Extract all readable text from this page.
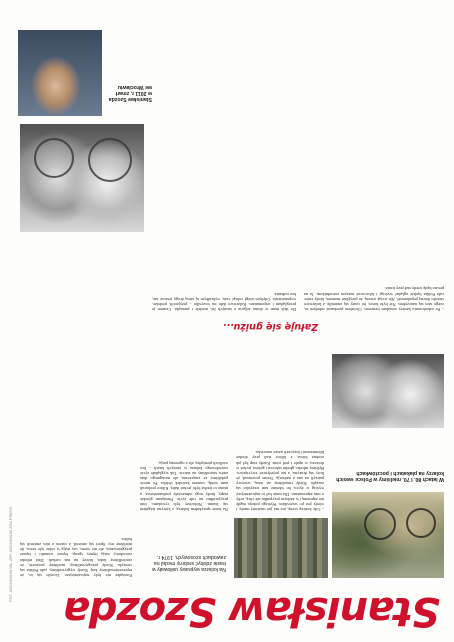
Stanisław Szozda
Na kolarza wyprawy usiłowały w trasie zdobyć srebrny medal na zawodach szosowych, 1974 r.
W latach 80. I 70. mieliśmy w Polsce swoich kolarzy na plakatach i pocztówkach
Stanisław Szozda w 2011 r. zmarł we Wrocławiu
– Gdy kończę scenę, nie ma już ostatniej rundy, i wtedy jest po wszystkim. Wyścigu pokoju nigdy nie zapomnę i w żadnym przypadku nie chcę, żeby o nim zapomniano. Dla mnie był to najważniejszy wyścig w życiu, bo właśnie tam wszystko się zaczęło. Kiedy ruszaliśmy na trasę, wszyscy patrzyli na nas z nadzieją. Trener powtarzał, że liczy się drużyna, a nie pojedyncze zwycięstwo. Byliśmy młodzi, głodni sukcesu i gotowi jechać w deszczu, w upale i pod wiatr. Każdy etap był jak osobna bitwa, a kibice stali przy drodze kilometrami i krzyczeli nasze nazwiska.
Na trasie spotykałem kolarzy, z którymi ścigałem się latami. Niektórzy byli rywalami, inni przyjaciółmi na całe życie. Pamiętam górskie etapy, kiedy nogi odmawiały posłuszeństwa, a mimo to trzeba było jechać dalej. Kibice podawali nam wodę, czasem kawałek chleba. Po mecie padaliśmy ze zmęczenia, ale następnego dnia znów stawaliśmy na starcie. Tak wyglądało życie zawodowego kolarza w tamtych latach – bez wielkich pieniędzy, ale z ogromną pasją.
Pieniądze nie były najważniejsze. Liczyło się to, że reprezentowaliśmy kraj. Kiedy wygrywaliśmy, cała Polska się cieszyła. Kiedy przegrywaliśmy, mieliśmy poczucie, że zawiedliśmy ludzi, którzy na nas czekali. Dziś młodzi zawodnicy mają lepszy sprzęt, lepsze warunki i lepsze przygotowanie, ale nie wiem, czy mają w sobie tyle serca, ile mieliśmy my. Sport się zmienił, a razem z nim zmienili się ludzie.
Żałuję się gniżu...
– Po zakończeniu kariery zostałem trenerem. Chciałem przekazać młodym to, czego sam się nauczyłem. Nie było łatwo, bo czasy się zmieniły, a kolarstwo straciło dawną popularność. Ale wciąż wierzę, że przyjdzie moment, kiedy znów cała Polska będzie oglądać wyścigi i kibicować naszym zawodnikom. Ja na pewno będę wtedy stał przy trasie.
Do dziś mam w domu zdjęcia z tamtych lat, medale i pamiątki. Czasem je przeglądam i wspominam. Kolarstwo dało mi wszystko – przyjaciół, podróże, wspomnienia. Gdybym mógł cofnąć czas, wybrałbym tę samą drogę jeszcze raz, bez wahania.
FOT. ARCHIWUM WŁ. AFF ARCHIWUM ZSA PRESS
